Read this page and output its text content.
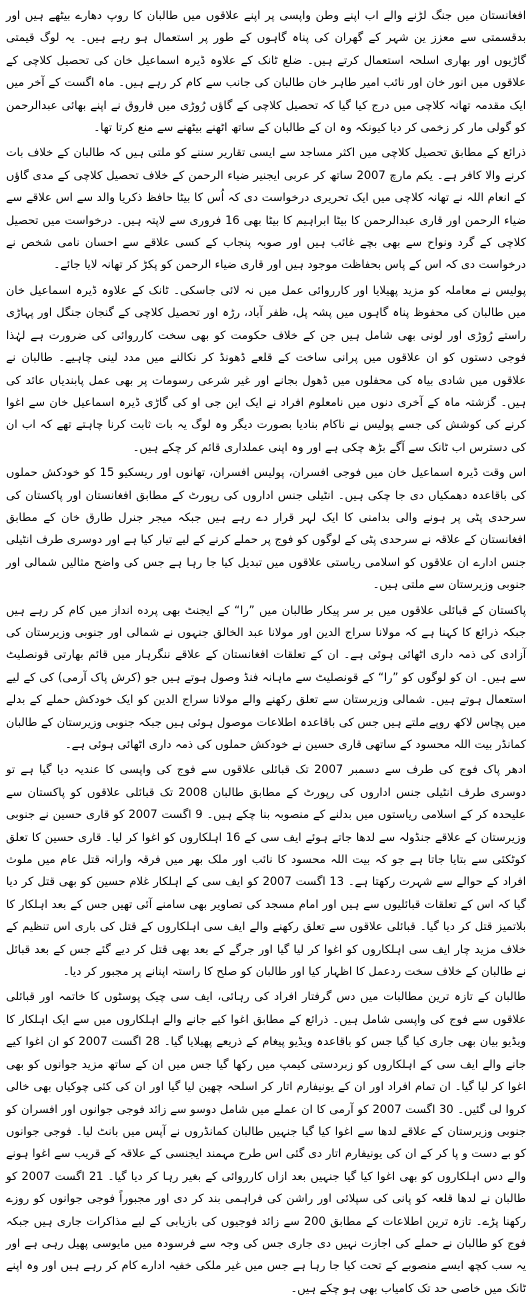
افغانستان میں جنگ لڑنے والے اب اپنے وطن واپسی پر اپنے علاقوں میں طالبان کا روپ دھارے بیٹھے ہیں اور بدقسمتی سے معزز ین شہر کے گھران کی پناہ گاہوں کے طور پر استعمال ہو رہے ہیں۔ یہ لوگ قیمتی گاڑیوں اور بھاری اسلحہ استعمال کرتے ہیں۔ ضلع ٹانک کے علاوہ ڈیرہ اسماعیل خان کی تحصیل کلاچی کے علاقوں میں انور خان اور نائب امیر طاہر خان طالبان کی جانب سے کام کر رہے ہیں۔ ماہ اگست کے آخر میں ایک مقدمہ تھانہ کلاچی میں درج کیا گیا کہ تحصیل کلاچی کے گاؤں رُوڑی میں فاروق نے اپنے بھائی عبدالرحمن کو گولی مار کر زخمی کر دیا کیونکہ وہ ان کے طالبان کے ساتھ اٹھنے بیٹھنے سے منع کرتا تھا۔

ذرائع کے مطابق تحصیل کلاچی میں اکثر مساجد سے ایسی تقاریر سننے کو ملتی ہیں کہ طالبان کے خلاف بات کرنے والا کافر ہے۔ یکم مارچ 2007 ساتھ کر عربی ایجنیر ضیاء الرحمن کے خلاف تحصیل کلاچی کے مدی گاؤں کے انعام اللہ نے تھانہ کلاچی میں ایک تحریری درخواست دی کہ اُس کا بیٹا حافظ ذکریا والد سے اس علاقے سے ضیاء الرحمن اور قاری عبدالرحمن کا بیٹا ابراہیم کا بیٹا بھی 16 فروری سے لاپتہ ہیں۔ درخواست میں تحصیل کلاچی کے گرد ونواح سے بھی بچے غائب ہیں اور صوبہ پنجاب کے کسی علاقے سے احسان نامی شخص نے درخواست دی کہ اس کے پاس بحفاظت موجود ہیں اور قاری ضیاء الرحمن کو پکڑ کر تھانہ لایا جائے۔

پولیس نے معاملہ کو مزید پھیلایا اور کارروائی عمل میں نہ لائی جاسکی۔ ٹانک کے علاوہ ڈیرہ اسماعیل خان میں طالبان کی محفوظ پناہ گاہوں میں پشہ پل، ظفر آباد، رڑہ اور تحصیل کلاچی کے گنجان جنگل اور پہاڑی راستے رُوڑی اور لونی بھی شامل ہیں جن کے خلاف حکومت کو بھی سخت کارروائی کی ضرورت ہے لہٰذا فوجی دستوں کو ان علاقوں میں پرانی ساخت کے قلعے ڈھونڈ کر نکالنے میں مدد لینی چاہیے۔ طالبان نے علاقوں میں شادی بیاہ کی محفلوں میں ڈھول بجانے اور غیر شرعی رسومات پر بھی عمل پابندیاں عائد کی ہیں۔ گزشتہ ماہ کے آخری دنوں میں نامعلوم افراد نے ایک این جی او کی گاڑی ڈیرہ اسماعیل خان سے اغوا کرنے کی کوشش کی جسے پولیس نے ناکام بنادیا بصورت دیگر وہ لوگ یہ بات ثابت کرنا چاہتے تھے کہ اب ان کی دسترس اب ٹانک سے آگے بڑھ چکی ہے اور وہ اپنی عملداری قائم کر چکے ہیں۔

اس وقت ڈیرہ اسماعیل خان میں فوجی افسران، پولیس افسران، تھانوں اور ریسکیو 15 کو خودکش حملوں کی باقاعدہ دھمکیاں دی جا چکی ہیں۔ انٹیلی جنس اداروں کی رپورٹ کے مطابق افغانستان اور پاکستان کی سرحدی پٹی پر ہونے والی بدامنی کا ایک لہر قرار دے رہے ہیں جبکہ میجر جنرل طارق خان کے مطابق افغانستان کے علاقہ نے سرحدی پٹی کے لوگوں کو فوج پر حملے کرنے کے لیے تیار کیا ہے اور دوسری طرف انٹیلی جنس ادارے ان علاقوں کو اسلامی ریاستی علاقوں میں تبدیل کیا جا رہا ہے جس کی واضح مثالیں شمالی اور جنوبی وزیرستان سے ملتی ہیں۔

پاکستان کے قبائلی علاقوں میں بر سر پیکار طالبان میں ”را“ کے ایجنٹ بھی پرده انداز میں کام کر رہے ہیں جبکہ ذرائع کا کہنا ہے کہ مولانا سراج الدین اور مولانا عبد الخالق جنہوں نے شمالی اور جنوبی وزیرستان کی آزادی کی ذمہ داری اٹھائی ہوئی ہے۔ ان کے تعلقات افغانستان کے علاقے ننگرہار میں قائم بھارتی قونصلیٹ سے ہیں۔ ان کو لوگوں کو ”را“ کے قونصلیٹ سے ماہانہ فنڈ وصول ہوتے ہیں جو (کرش پاک آرمی) کی کے لیے استعمال ہوتے ہیں۔ شمالی وزیرستان سے تعلق رکھنے والے مولانا سراج الدین کو ایک خودکش حملے کے بدلے میں پچاس لاکھ روپے ملتے ہیں جس کی باقاعدہ اطلاعات موصول ہوئی ہیں جبکہ جنوبی وزیرستان کے طالبان کمانڈر بیت اللہ محسود کے ساتھی قاری حسین نے خودکش حملوں کی ذمہ داری اٹھائی ہوئی ہے۔

ادھر پاک فوج کی طرف سے دسمبر 2007 تک قبائلی علاقوں سے فوج کی واپسی کا عندیہ دیا گیا ہے تو دوسری طرف انٹیلی جنس اداروں کی رپورٹ کے مطابق طالبان 2008 تک قبائلی علاقوں کو پاکستان سے علیحدہ کر کے اسلامی ریاستوں میں بدلنے کے منصوبہ بنا چکے ہیں۔ 9 اگست 2007 کو قاری حسین نے جنوبی وزیرستان کے علاقے جنڈولہ سے لدھا جاتے ہوئے ایف سی کے 16 اہلکاروں کو اغوا کر لیا۔ قاری حسین کا تعلق کوٹکئی سے بتایا جاتا ہے جو کہ بیت اللہ محسود کا نائب اور ملک بھر میں فرقہ وارانہ قتل عام میں ملوث افراد کے حوالے سے شہرت رکھتا ہے۔ 13 اگست 2007 کو ایف سی کے اہلکار غلام حسین کو بھی قتل کر دیا گیا کہ اس کے تعلقات قبائلیوں سے ہیں اور امام مسجد کی تصاویر بھی سامنے آئی تھیں جس کے بعد اہلکار کا بلاتمیز قتل کر دیا گیا۔ قبائلی علاقوں سے تعلق رکھنے والے ایف سی اہلکاروں کے قتل کی باری اس تنظیم کے خلاف مزید چار ایف سی اہلکاروں کو اغوا کر لیا گیا اور جرگے کے بعد بھی قتل کر دیے گئے جس کے بعد قبائل نے طالبان کے خلاف سخت ردعمل کا اظہار کیا اور طالبان کو صلح کا راستہ اپنانے پر مجبور کر دیا۔

طالبان کے تازہ ترین مطالبات میں دس گرفتار افراد کی رہائی، ایف سی چیک پوسٹوں کا خاتمہ اور قبائلی علاقوں سے فوج کی واپسی شامل ہیں۔ ذرائع کے مطابق اغوا کیے جانے والے اہلکاروں میں سے ایک اہلکار کا ویڈیو بیان بھی جاری کیا گیا جس کو باقاعدہ ویڈیو پیغام کے ذریعے پھیلایا گیا۔ 28 اگست 2007 کو ان اغوا کیے جانے والے ایف سی کے اہلکاروں کو زبردستی کیمپ میں رکھا گیا جس میں ان کے ساتھ مزید جوانوں کو بھی اغوا کر لیا گیا۔ ان تمام افراد اور ان کے یونیفارم اتار کر اسلحہ چھین لیا گیا اور ان کی کئی چوکیاں بھی خالی کروا لی گئیں۔ 30 اگست 2007 کو آرمی کا ان عملے میں شامل دوسو سے زائد فوجی جوانوں اور افسران کو جنوبی وزیرستان کے علاقے لدھا سے اغوا کیا گیا جنہیں طالبان کمانڈروں نے آپس میں بانٹ لیا۔ فوجی جوانوں کو بے دست و پا کر کے ان کی یونیفارم اتار دی گئی اس طرح مہمند ایجنسی کے علاقہ کے قریب سے اغوا ہونے والے دس اہلکاروں کو بھی اغوا کیا گیا جنہیں بعد ازاں کارروائی کے بغیر رہا کر دیا گیا۔ 21 اگست 2007 کو طالبان نے لدھا قلعہ کو پانی کی سپلائی اور راشن کی فراہمی بند کر دی اور مجبوراً فوجی جوانوں کو روزے رکھنا پڑے۔ تازہ ترین اطلاعات کے مطابق 200 سے زائد فوجیوں کی بازیابی کے لیے مذاکرات جاری ہیں جبکہ فوج کو طالبان نے حملے کی اجازت نہیں دی جاری جس کی وجہ سے فرسودہ میں مایوسی پھیل رہی ہے اور یہ سب کچھ ایسے منصوبے کے تحت کیا جا رہا ہے جس میں غیر ملکی خفیہ ادارے کام کر رہے ہیں اور وہ اپنے ٹانک میں خاصی حد تک کامیاب بھی ہو چکے ہیں۔
